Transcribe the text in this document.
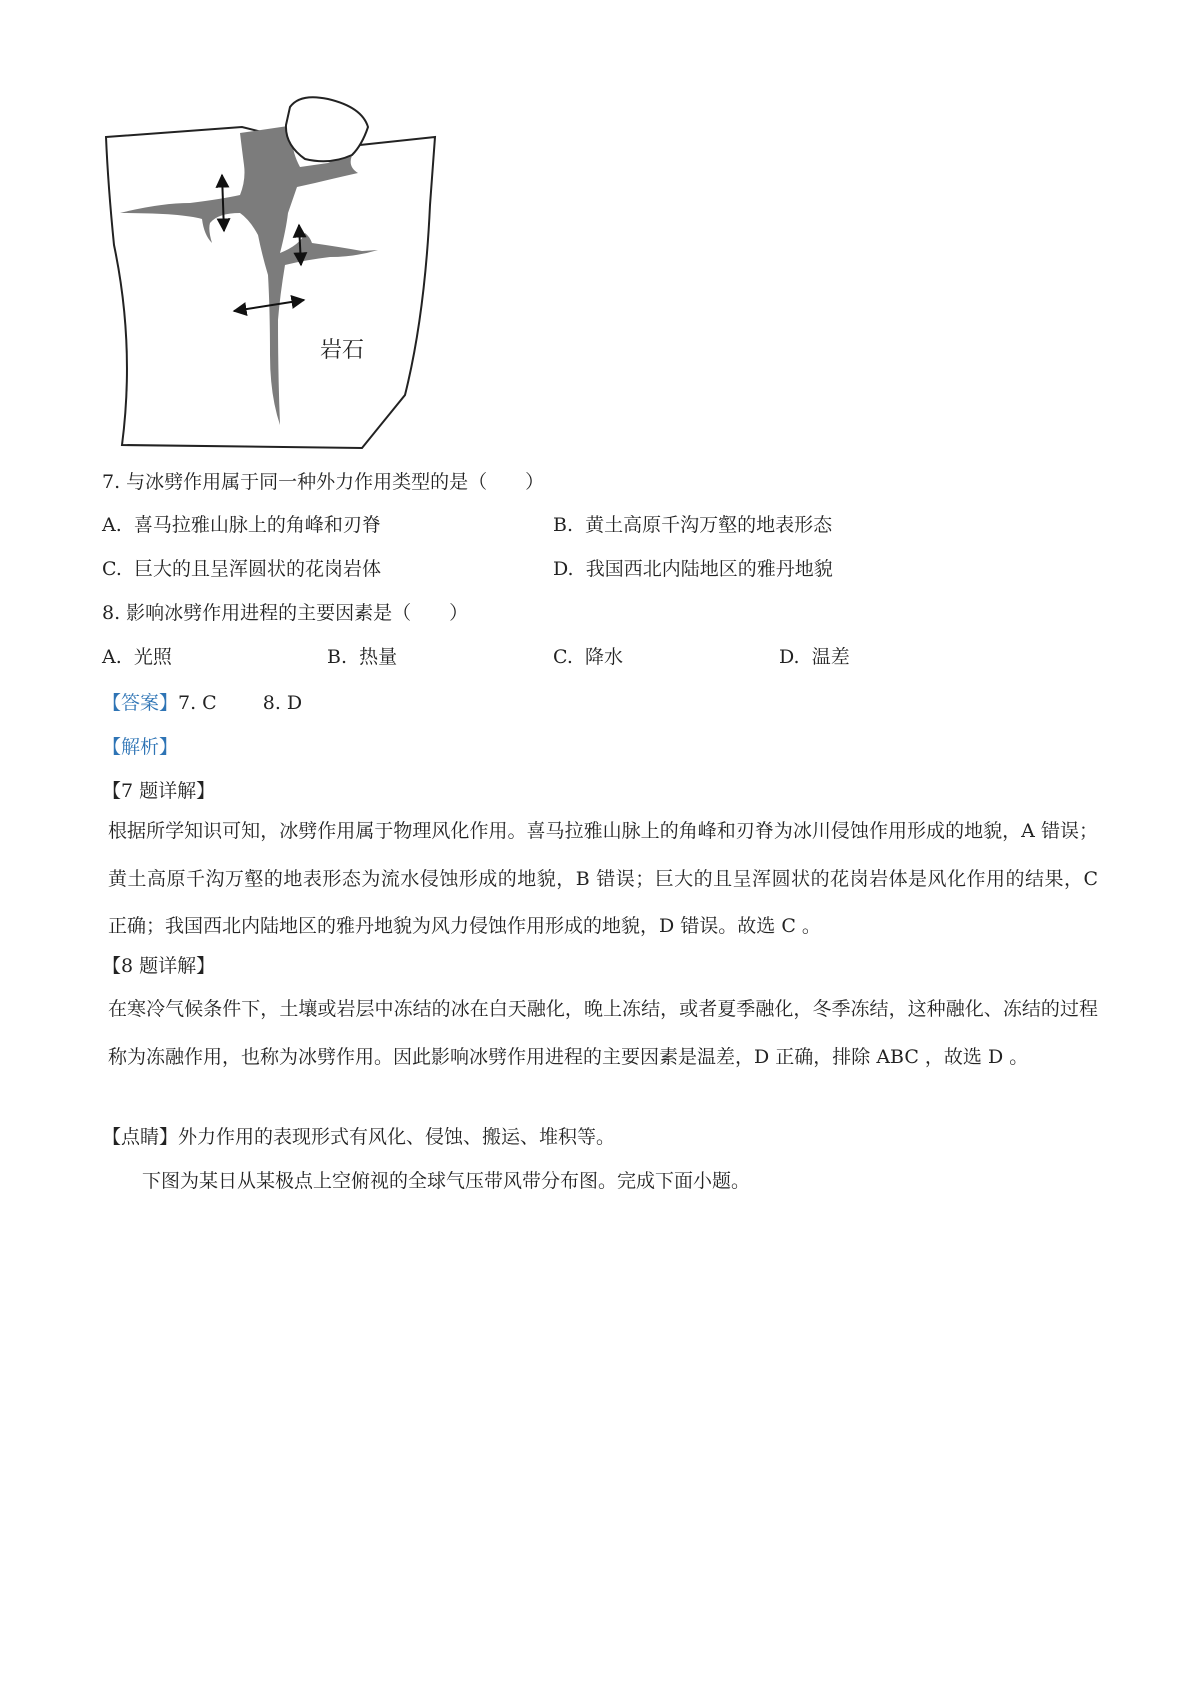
岩石
7. 与冰劈作用属于同一种外力作用类型的是（　　）
A. 喜马拉雅山脉上的角峰和刃脊	B. 黄土高原千沟万壑的地表形态
C. 巨大的且呈浑圆状的花岗岩体	D. 我国西北内陆地区的雅丹地貌
8. 影响冰劈作用进程的主要因素是（　　）
A. 光照	B. 热量	C. 降水	D. 温差
【答案】7. C 8. D
【解析】
【7 题详解】
根据所学知识可知，冰劈作用属于物理风化作用。喜马拉雅山脉上的角峰和刃脊为冰川侵蚀作用形成的地貌，A 错误；黄土高原千沟万壑的地表形态为流水侵蚀形成的地貌，B 错误；巨大的且呈浑圆状的花岗岩体是风化作用的结果，C 正确；我国西北内陆地区的雅丹地貌为风力侵蚀作用形成的地貌，D 错误。故选 C 。
【8 题详解】
在寒冷气候条件下，土壤或岩层中冻结的冰在白天融化，晚上冻结，或者夏季融化，冬季冻结，这种融化、冻结的过程称为冻融作用，也称为冰劈作用。因此影响冰劈作用进程的主要因素是温差，D 正确，排除 ABC ，故选 D 。
【点睛】外力作用的表现形式有风化、侵蚀、搬运、堆积等。
下图为某日从某极点上空俯视的全球气压带风带分布图。完成下面小题。
